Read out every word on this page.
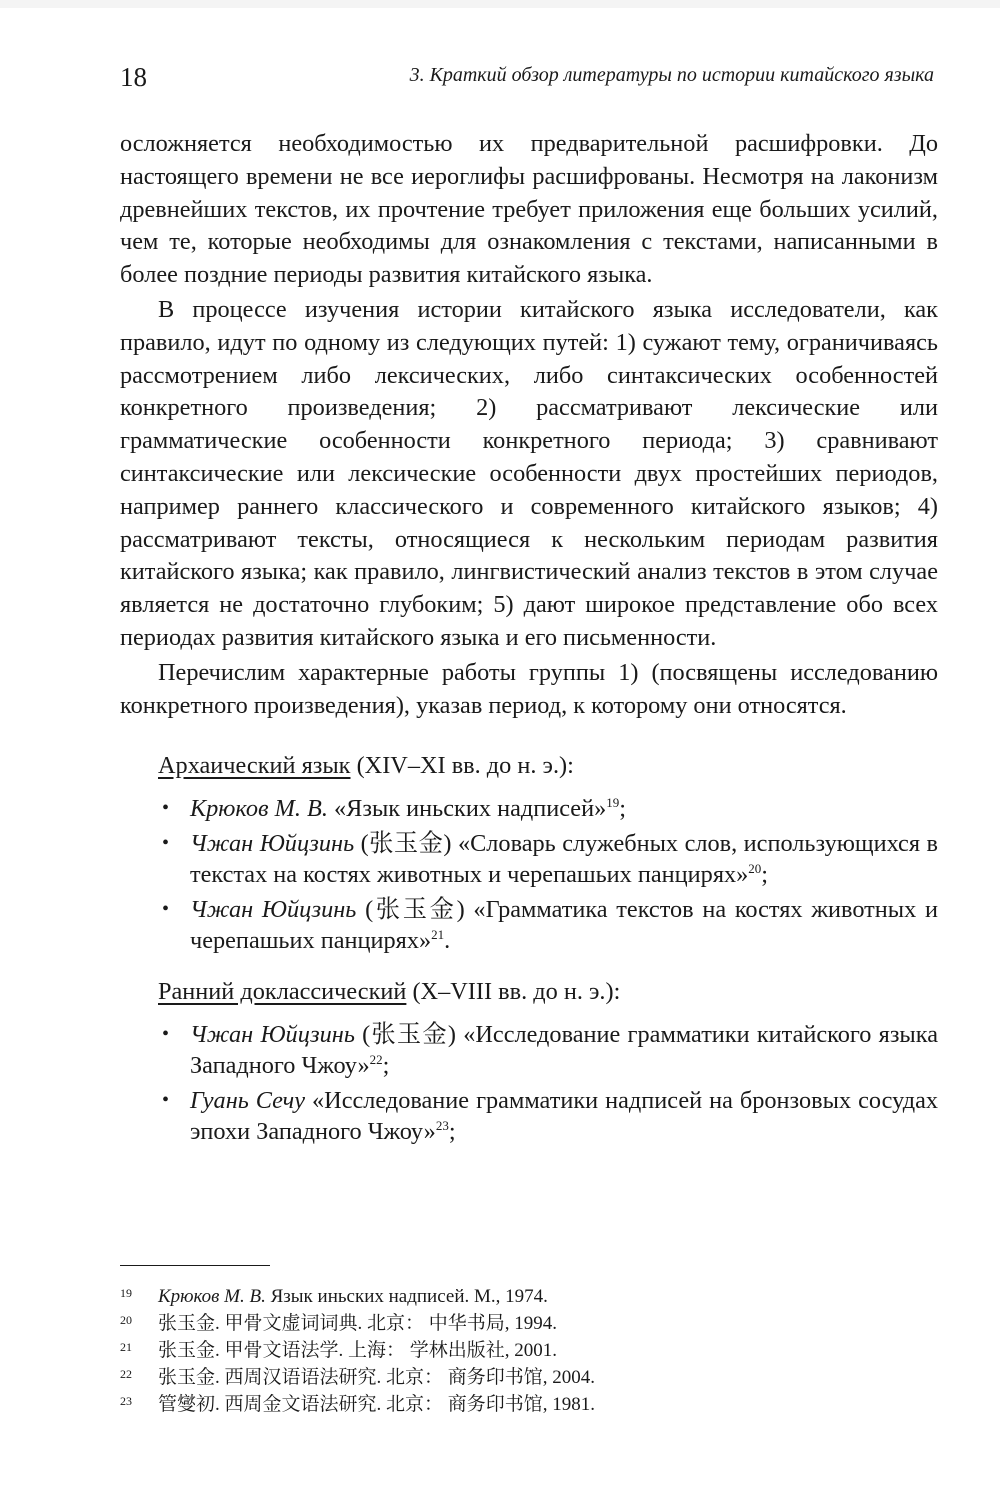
18	3. Краткий обзор литературы по истории китайского языка

осложняется необходимостью их предварительной расшифровки. До настоящего времени не все иероглифы расшифрованы. Несмотря на лаконизм древнейших текстов, их прочтение требует приложения еще больших усилий, чем те, которые необходимы для ознакомления с текстами, написанными в более поздние периоды развития китайского языка.

В процессе изучения истории китайского языка исследователи, как правило, идут по одному из следующих путей: 1) сужают тему, ограничиваясь рассмотрением либо лексических, либо синтаксических особенностей конкретного произведения; 2) рассматривают лексические или грамматические особенности конкретного периода; 3) сравнивают синтаксические или лексические особенности двух простейших периодов, например раннего классического и современного китайского языков; 4) рассматривают тексты, относящиеся к нескольким периодам развития китайского языка; как правило, лингвистический анализ текстов в этом случае является не достаточно глубоким; 5) дают широкое представление обо всех периодах развития китайского языка и его письменности.

Перечислим характерные работы группы 1) (посвящены исследованию конкретного произведения), указав период, к которому они относятся.

Архаический язык (XIV–XI вв. до н. э.):
• Крюков М. В. «Язык иньских надписей»$^{19}$;
• Чжан Юйцзинь (张玉金) «Словарь служебных слов, использующихся в текстах на костях животных и черепашьих панцирях»$^{20}$;
• Чжан Юйцзинь (张玉金) «Грамматика текстов на костях животных и черепашьих панцирях»$^{21}$.
Ранний доклассический (X–VIII вв. до н. э.):
• Чжан Юйцзинь (张玉金) «Исследование грамматики китайского языка Западного Чжоу»$^{22}$;
• Гуань Сечу «Исследование грамматики надписей на бронзовых сосудах эпохи Западного Чжоу»$^{23}$;
19 Крюков М. В. Язык иньских надписей. М., 1974.
20 张玉金. 甲骨文虚词词典. 北京： 中华书局, 1994.
21 张玉金. 甲骨文语法学. 上海： 学林出版社, 2001.
22 张玉金. 西周汉语语法研究. 北京： 商务印书馆, 2004.
23 管燮初. 西周金文语法研究. 北京： 商务印书馆, 1981.
